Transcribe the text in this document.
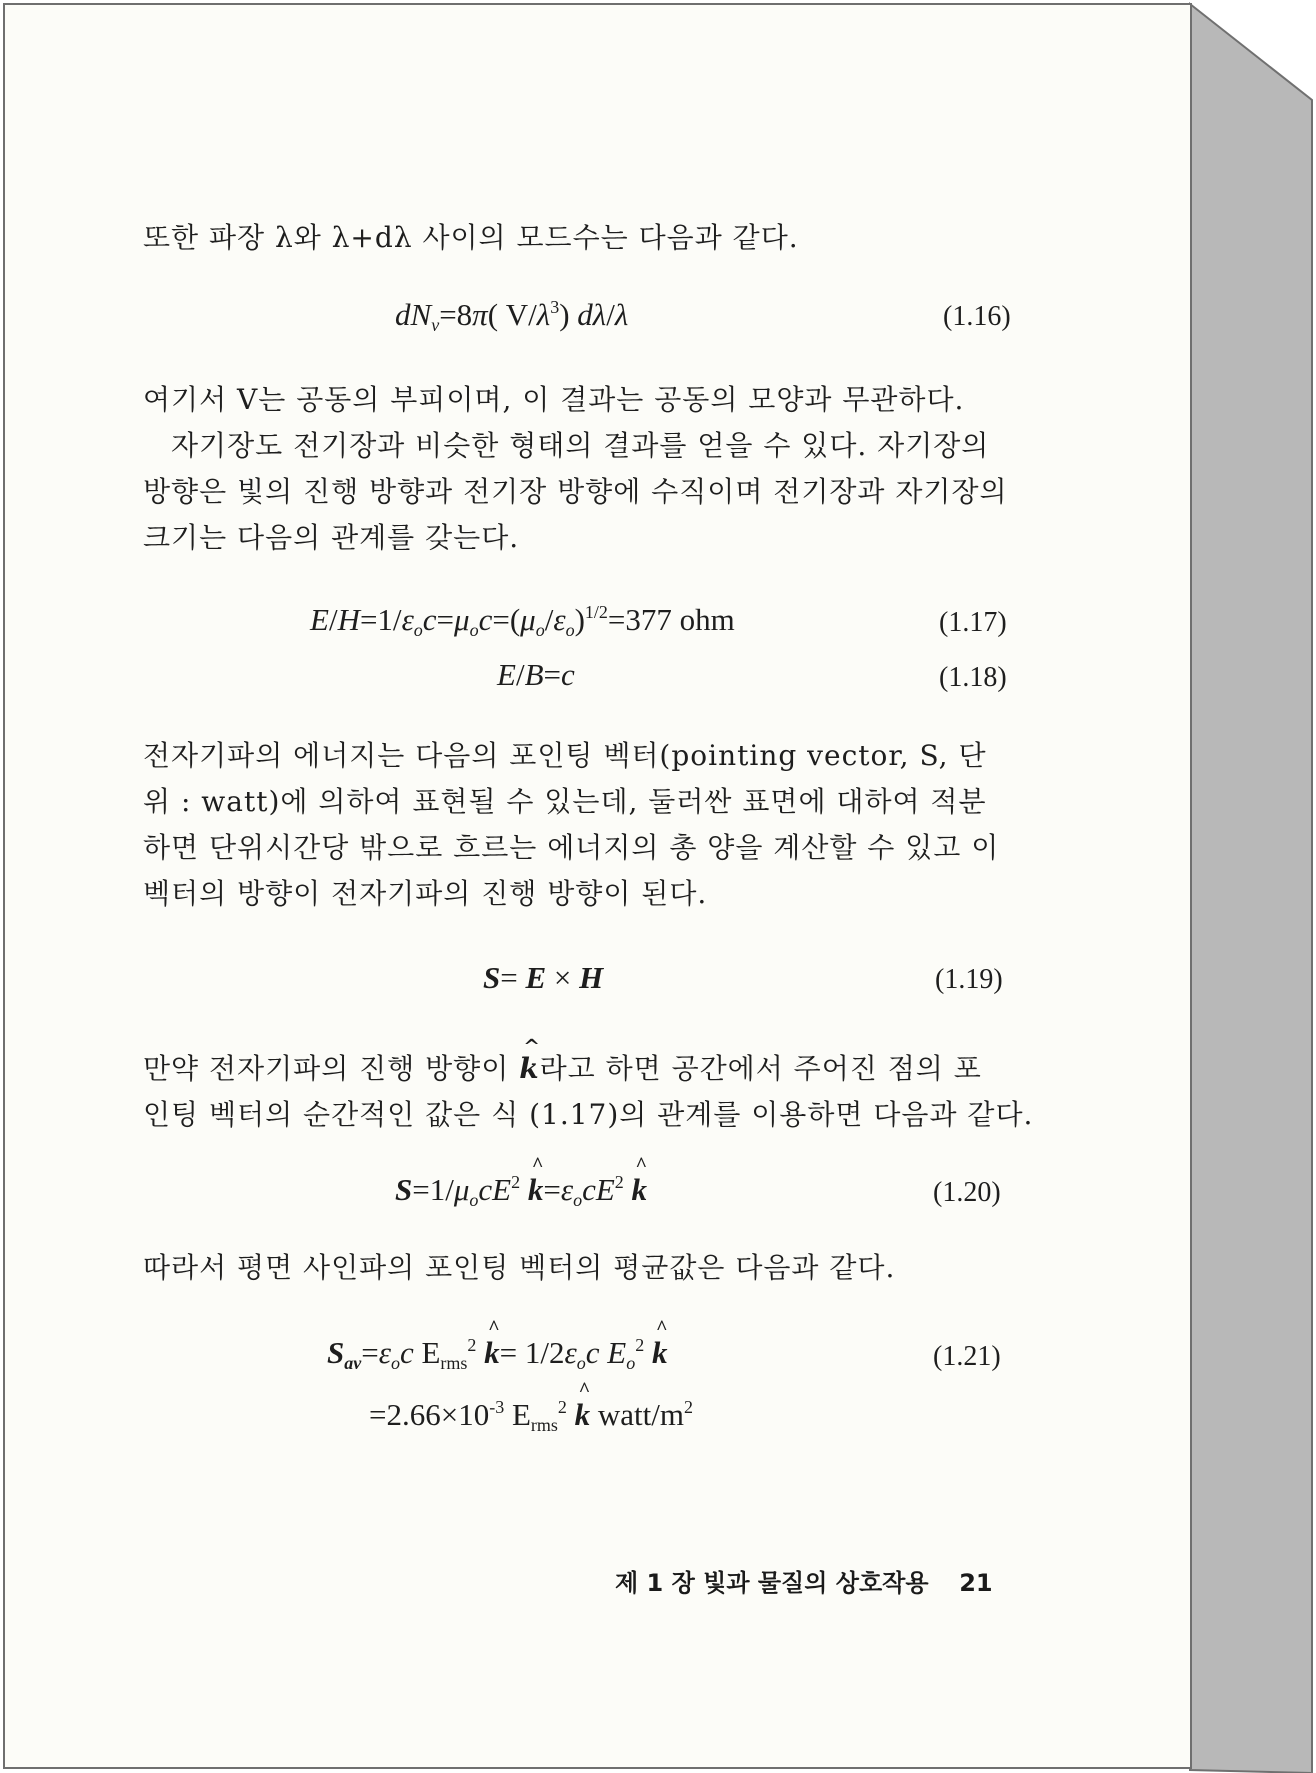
또한 파장 λ와 λ+dλ 사이의 모드수는 다음과 같다.

$dN_\nu=8\pi$( $V/\lambda^3$) dλ/λ	(1.16)

여기서 V는 공동의 부피이며, 이 결과는 공동의 모양과 무관하다.

자기장도 전기장과 비슷한 형태의 결과를 얻을 수 있다. 자기장의 방향은 빛의 진행 방향과 전기장 방향에 수직이며 전기장과 자기장의 크기는 다음의 관계를 갖는다.

$E/H=1/\varepsilon_oc=\mu_oc=(\mu_o/\varepsilon_o)^{1/2}=377$ ohm	(1.17)
E/B=c	(1.18)

전자기파의 에너지는 다음의 포인팅 벡터(pointing vector, S, 단위 : watt)에 의하여 표현될 수 있는데, 둘러싼 표면에 대하여 적분하면 단위시간당 밖으로 흐르는 에너지의 총 양을 계산할 수 있고 이 벡터의 방향이 전자기파의 진행 방향이 된다.

S= E × H	(1.19)
만약 전자기파의 진행 방향이 ^ k라고 하면 공간에서 주어진 점의 포
인팅 벡터의 순간적인 값은 식 (1.17)의 관계를 이용하면 다음과 같다.
$S=1/\mu_ocE^2$ ^ $k=\varepsilon_ocE^2$ ^ k	(1.20)

따라서 평면 사인파의 포인팅 벡터의 평균값은 다음과 같다.

$S_{av}=\varepsilon_oc$ $E_{rms}^2$ ^ $k= 1/2\varepsilon_oc$ $E_o^2$ ^ k	(1.21)
$=2.66\times 10^{-3}$ $E_{rms}^2$ ^ k watt/$m^2$
제 1 장 빛과 물질의 상호작용 21
